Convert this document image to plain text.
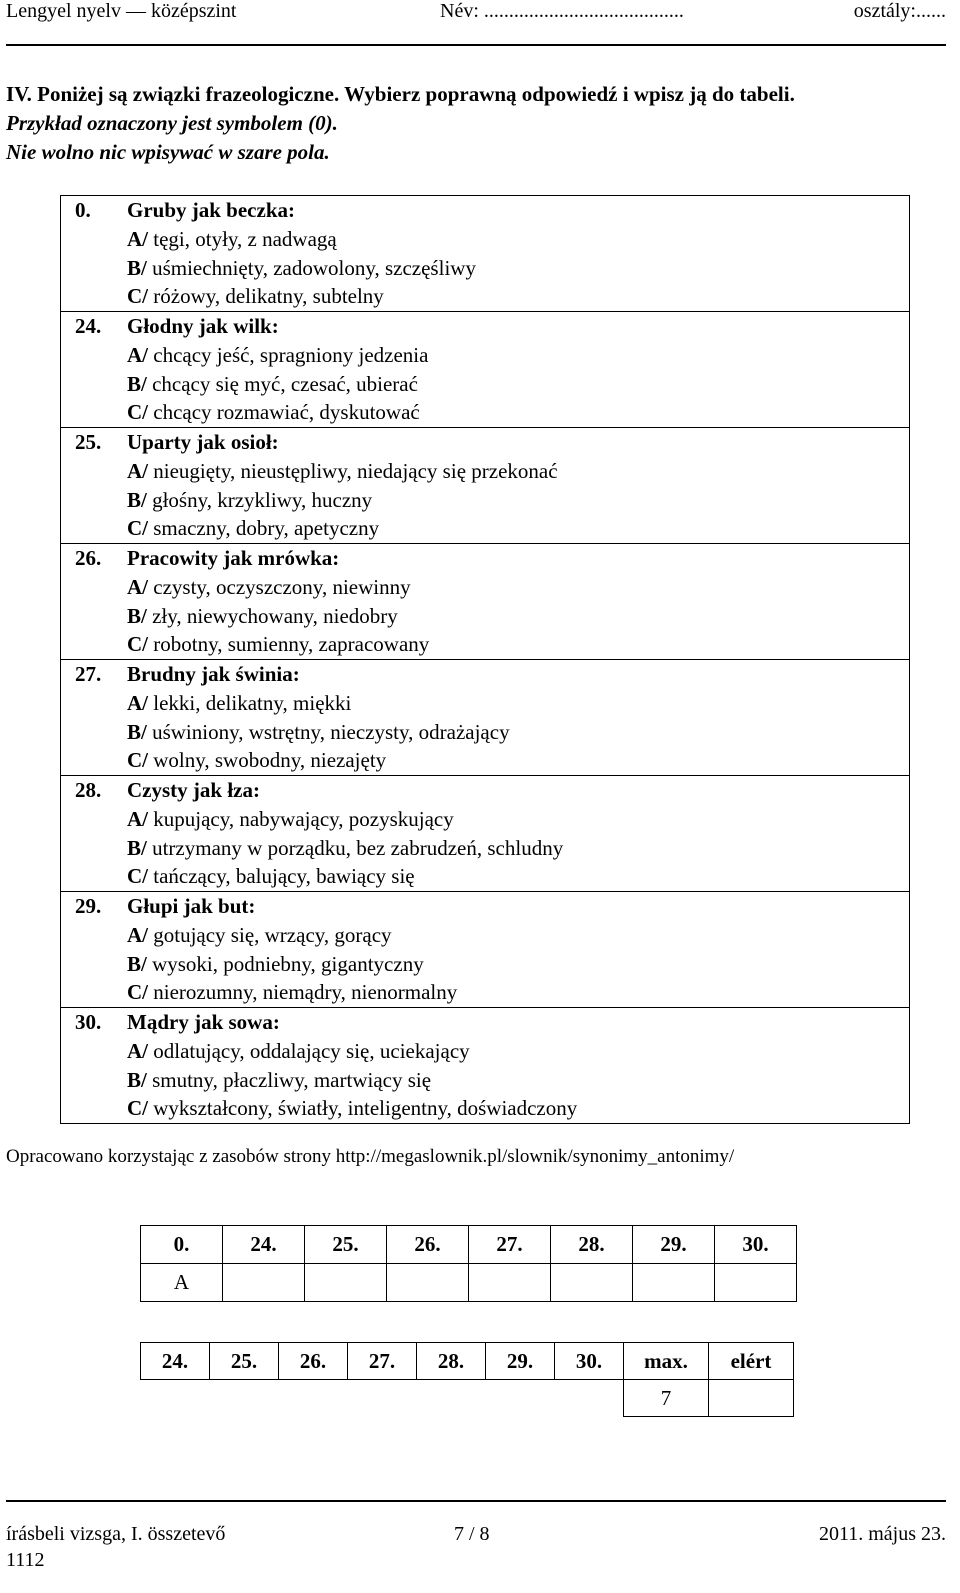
Lengyel nyelv — középszint	Név: ........................................	osztály:......
IV. Poniżej są związki frazeologiczne. Wybierz poprawną odpowiedź i wpisz ją do tabeli.
Przykład oznaczony jest symbolem (0).
Nie wolno nic wpisywać w szare pola.
0. Gruby jak beczka:
A/ tęgi, otyły, z nadwagą
B/ uśmiechnięty, zadowolony, szczęśliwy
C/ różowy, delikatny, subtelny
24. Głodny jak wilk:
A/ chcący jeść, spragniony jedzenia
B/ chcący się myć, czesać, ubierać
C/ chcący rozmawiać, dyskutować
25. Uparty jak osioł:
A/ nieugięty, nieustępliwy, niedający się przekonać
B/ głośny, krzykliwy, huczny
C/ smaczny, dobry, apetyczny
26. Pracowity jak mrówka:
A/ czysty, oczyszczony, niewinny
B/ zły, niewychowany, niedobry
C/ robotny, sumienny, zapracowany
27. Brudny jak świnia:
A/ lekki, delikatny, miękki
B/ uświniony, wstrętny, nieczysty, odrażający
C/ wolny, swobodny, niezajęty
28. Czysty jak łza:
A/ kupujący, nabywający, pozyskujący
B/ utrzymany w porządku, bez zabrudzeń, schludny
C/ tańczący, balujący, bawiący się
29. Głupi jak but:
A/ gotujący się, wrzący, gorący
B/ wysoki, podniebny, gigantyczny
C/ nierozumny, niemądry, nienormalny
30. Mądry jak sowa:
A/ odlatujący, oddalający się, uciekający
B/ smutny, płaczliwy, martwiący się
C/ wykształcony, światły, inteligentny, doświadczony
Opracowano korzystając z zasobów strony http://megaslownik.pl/slownik/synonimy_antonimy/
0.	24.	25.	26.	27.	28.	29.	30.
A							
24.	25.	26.	27.	28.	29.	30.	max.	elért
							7	
írásbeli vizsga, I. összetevő	7 / 8	2011. május 23.
1112
